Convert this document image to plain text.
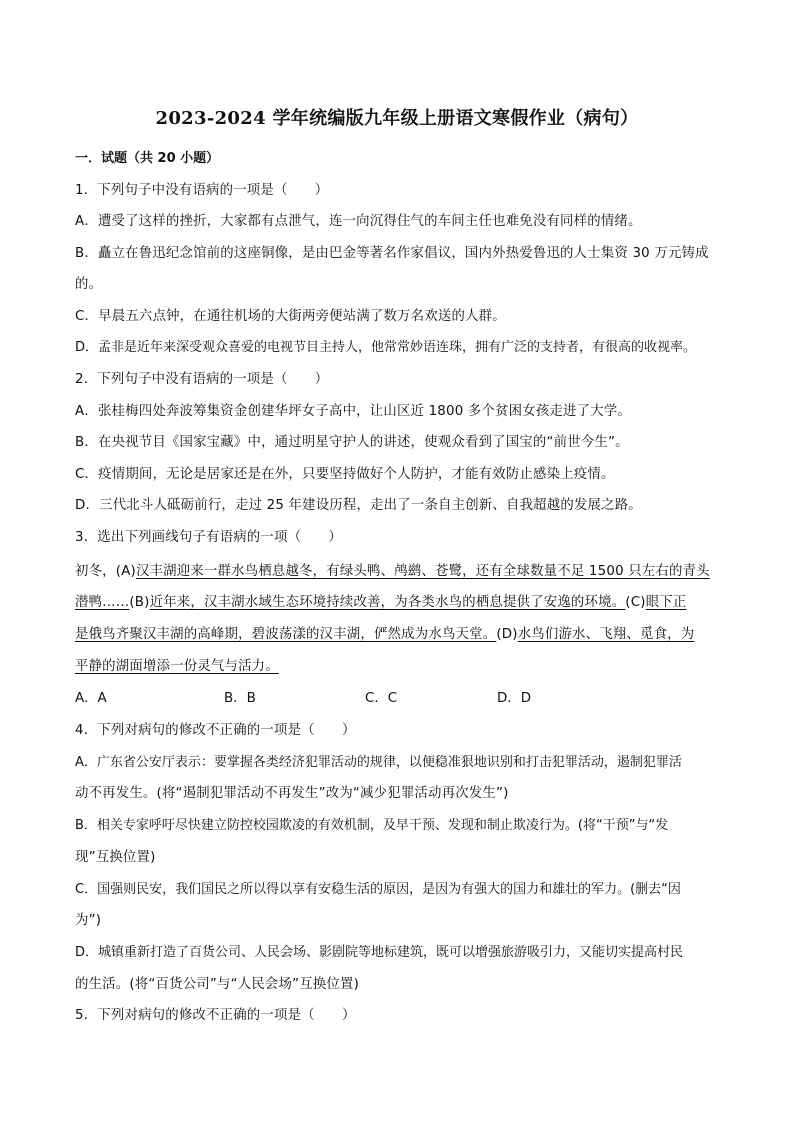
2023-2024 学年统编版九年级上册语文寒假作业（病句）
一．试题（共 20 小题）
1．下列句子中没有语病的一项是（　　）
A．遭受了这样的挫折，大家都有点泄气，连一向沉得住气的车间主任也难免没有同样的情绪。
B．矗立在鲁迅纪念馆前的这座铜像，是由巴金等著名作家倡议，国内外热爱鲁迅的人士集资 30 万元铸成
的。
C．早晨五六点钟，在通往机场的大街两旁便站满了数万名欢送的人群。
D．孟非是近年来深受观众喜爱的电视节目主持人，他常常妙语连珠，拥有广泛的支持者，有很高的收视率。
2．下列句子中没有语病的一项是（　　）
A．张桂梅四处奔波筹集资金创建华坪女子高中，让山区近 1800 多个贫困女孩走进了大学。
B．在央视节目《国家宝藏》中，通过明星守护人的讲述，使观众看到了国宝的“前世今生”。
C．疫情期间，无论是居家还是在外，只要坚持做好个人防护，才能有效防止感染上疫情。
D．三代北斗人砥砺前行，走过 25 年建设历程，走出了一条自主创新、自我超越的发展之路。
3．选出下列画线句子有语病的一项（　　）
初冬，(A)汉丰湖迎来一群水鸟栖息越冬，有绿头鸭、鸬鹚、苍鹭，还有全球数量不足 1500 只左右的青头
潜鸭……(B)近年来，汉丰湖水域生态环境持续改善，为各类水鸟的栖息提供了安逸的环境。(C)眼下正
是俄鸟齐聚汉丰湖的高峰期，碧波荡漾的汉丰湖，俨然成为水鸟天堂。(D)水鸟们游水、飞翔、觅食，为
平静的湖面增添一份灵气与活力。
A．A	B．B	C．C	D．D
4．下列对病句的修改不正确的一项是（　　）
A．广东省公安厅表示：要掌握各类经济犯罪活动的规律，以便稳准狠地识别和打击犯罪活动，遏制犯罪活
动不再发生。(将“遏制犯罪活动不再发生”改为“减少犯罪活动再次发生”)
B．相关专家呼吁尽快建立防控校园欺凌的有效机制，及早干预、发现和制止欺凌行为。(将“干预”与“发
现”互换位置)
C．国强则民安，我们国民之所以得以享有安稳生活的原因，是因为有强大的国力和雄壮的军力。(删去“因
为”)
D．城镇重新打造了百货公司、人民会场、影剧院等地标建筑，既可以增强旅游吸引力，又能切实提高村民
的生活。(将“百货公司”与“人民会场”互换位置)
5．下列对病句的修改不正确的一项是（　　）
